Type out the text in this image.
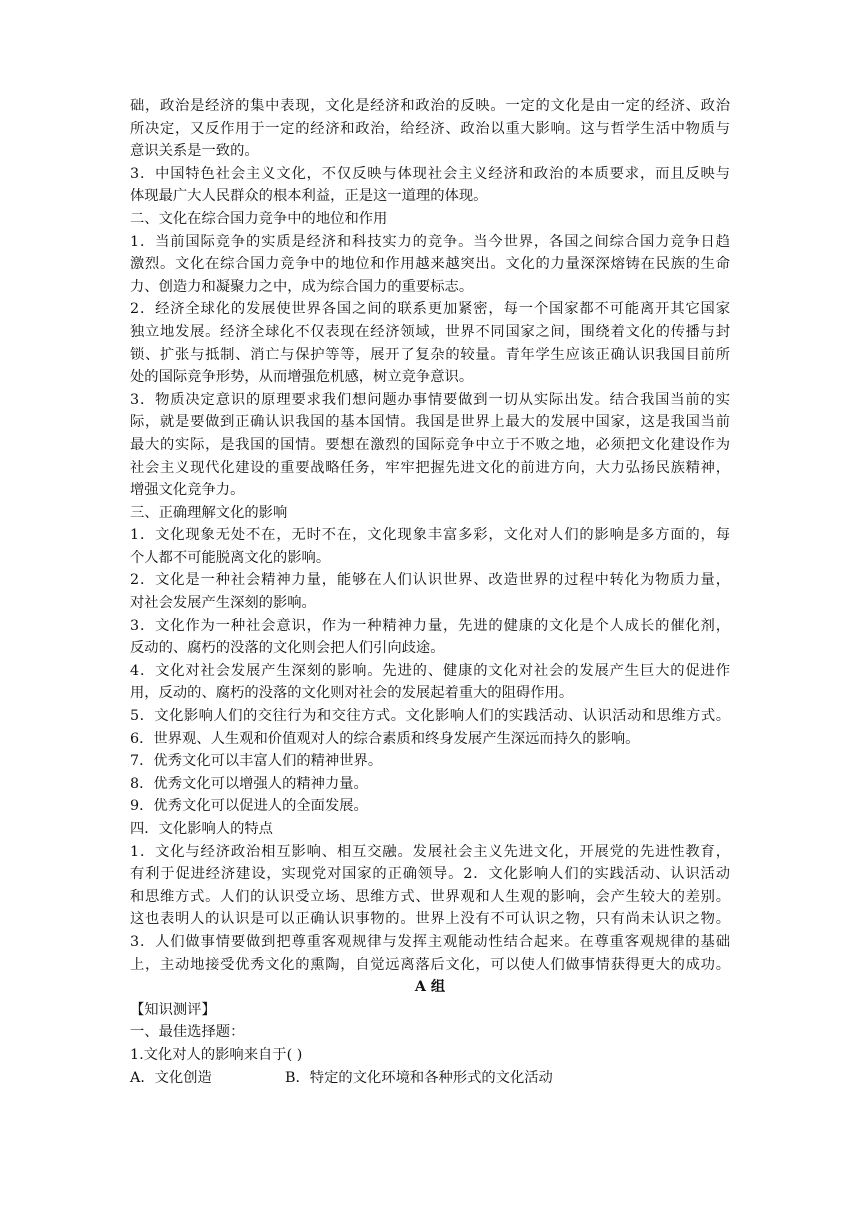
础，政治是经济的集中表现，文化是经济和政治的反映。一定的文化是由一定的经济、政治
所决定，又反作用于一定的经济和政治，给经济、政治以重大影响。这与哲学生活中物质与
意识关系是一致的。
3．中国特色社会主义文化，不仅反映与体现社会主义经济和政治的本质要求，而且反映与
体现最广大人民群众的根本利益，正是这一道理的体现。
二、文化在综合国力竞争中的地位和作用
1．当前国际竞争的实质是经济和科技实力的竞争。当今世界，各国之间综合国力竞争日趋
激烈。文化在综合国力竞争中的地位和作用越来越突出。文化的力量深深熔铸在民族的生命
力、创造力和凝聚力之中，成为综合国力的重要标志。
2．经济全球化的发展使世界各国之间的联系更加紧密，每一个国家都不可能离开其它国家
独立地发展。经济全球化不仅表现在经济领域，世界不同国家之间，围绕着文化的传播与封
锁、扩张与抵制、消亡与保护等等，展开了复杂的较量。青年学生应该正确认识我国目前所
处的国际竞争形势，从而增强危机感，树立竞争意识。
3．物质决定意识的原理要求我们想问题办事情要做到一切从实际出发。结合我国当前的实
际，就是要做到正确认识我国的基本国情。我国是世界上最大的发展中国家，这是我国当前
最大的实际，是我国的国情。要想在激烈的国际竞争中立于不败之地，必须把文化建设作为
社会主义现代化建设的重要战略任务，牢牢把握先进文化的前进方向，大力弘扬民族精神，
增强文化竞争力。
三、正确理解文化的影响
1．文化现象无处不在，无时不在，文化现象丰富多彩，文化对人们的影响是多方面的，每
个人都不可能脱离文化的影响。
2．文化是一种社会精神力量，能够在人们认识世界、改造世界的过程中转化为物质力量，
对社会发展产生深刻的影响。
3．文化作为一种社会意识，作为一种精神力量，先进的健康的文化是个人成长的催化剂，
反动的、腐朽的没落的文化则会把人们引向歧途。
4．文化对社会发展产生深刻的影响。先进的、健康的文化对社会的发展产生巨大的促进作
用，反动的、腐朽的没落的文化则对社会的发展起着重大的阻碍作用。
5．文化影响人们的交往行为和交往方式。文化影响人们的实践活动、认识活动和思维方式。
6．世界观、人生观和价值观对人的综合素质和终身发展产生深远而持久的影响。
7．优秀文化可以丰富人们的精神世界。
8．优秀文化可以增强人的精神力量。
9．优秀文化可以促进人的全面发展。
四．文化影响人的特点
1．文化与经济政治相互影响、相互交融。发展社会主义先进文化，开展党的先进性教育，
有利于促进经济建设，实现党对国家的正确领导。2．文化影响人们的实践活动、认识活动
和思维方式。人们的认识受立场、思维方式、世界观和人生观的影响，会产生较大的差别。
这也表明人的认识是可以正确认识事物的。世界上没有不可认识之物，只有尚未认识之物。
3．人们做事情要做到把尊重客观规律与发挥主观能动性结合起来。在尊重客观规律的基础
上，主动地接受优秀文化的熏陶，自觉远离落后文化，可以使人们做事情获得更大的成功。
A 组
【知识测评】
一、最佳选择题：
1.文化对人的影响来自于( )
A．文化创造	B．特定的文化环境和各种形式的文化活动
